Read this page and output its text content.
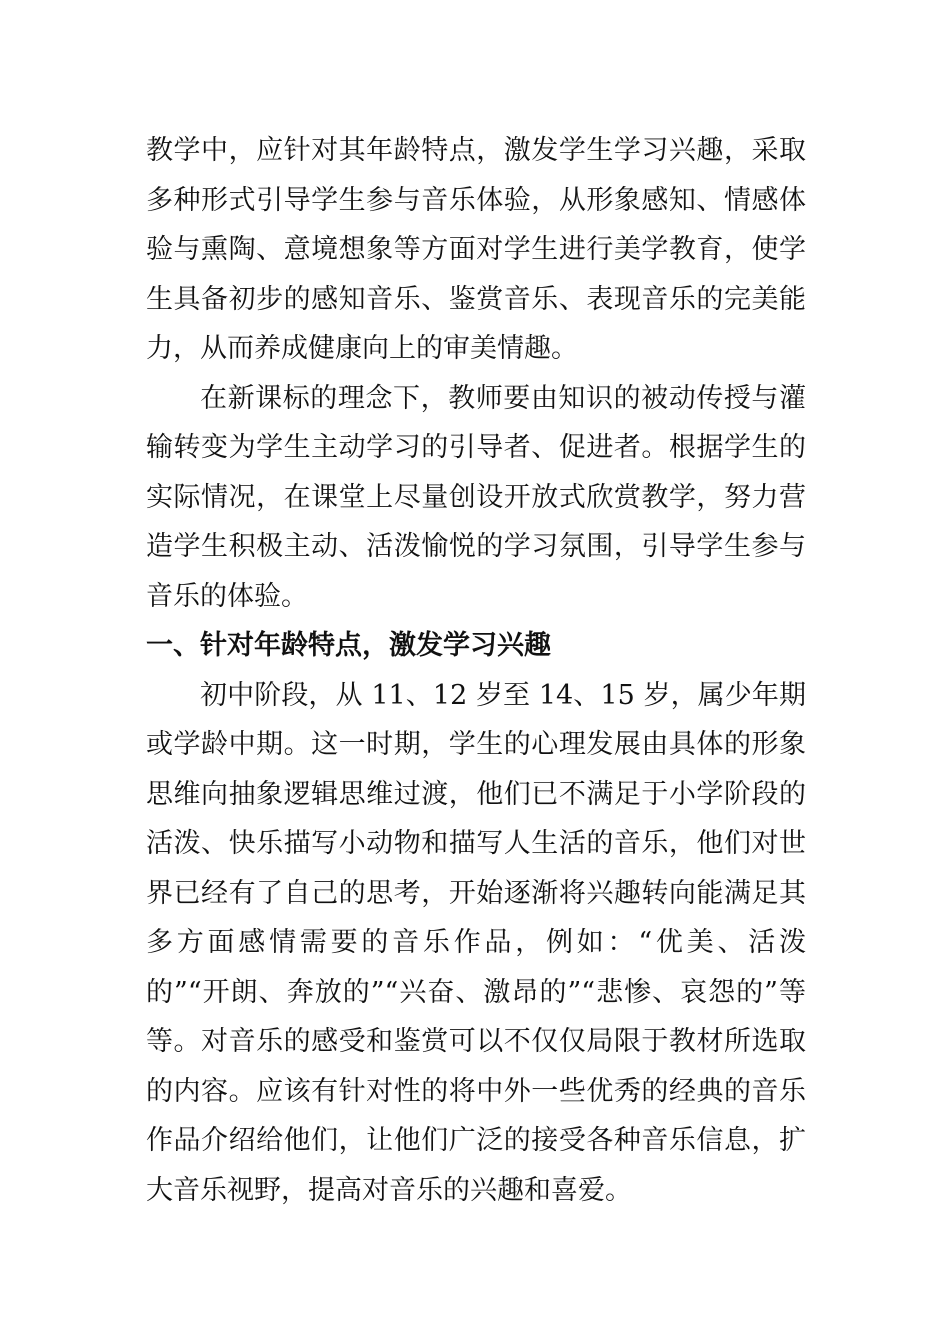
教学中，应针对其年龄特点，激发学生学习兴趣，采取多种形式引导学生参与音乐体验，从形象感知、情感体验与熏陶、意境想象等方面对学生进行美学教育，使学生具备初步的感知音乐、鉴赏音乐、表现音乐的完美能力，从而养成健康向上的审美情趣。

在新课标的理念下，教师要由知识的被动传授与灌输转变为学生主动学习的引导者、促进者。根据学生的实际情况，在课堂上尽量创设开放式欣赏教学，努力营造学生积极主动、活泼愉悦的学习氛围，引导学生参与音乐的体验。

一、针对年龄特点，激发学习兴趣

初中阶段，从 11、12 岁至 14、15 岁，属少年期或学龄中期。这一时期，学生的心理发展由具体的形象思维向抽象逻辑思维过渡，他们已不满足于小学阶段的活泼、快乐描写小动物和描写人生活的音乐，他们对世界已经有了自己的思考，开始逐渐将兴趣转向能满足其多方面感情需要的音乐作品，例如：“优美、活泼的”“开朗、奔放的”“兴奋、激昂的”“悲惨、哀怨的”等等。对音乐的感受和鉴赏可以不仅仅局限于教材所选取的内容。应该有针对性的将中外一些优秀的经典的音乐作品介绍给他们，让他们广泛的接受各种音乐信息，扩大音乐视野，提高对音乐的兴趣和喜爱。
